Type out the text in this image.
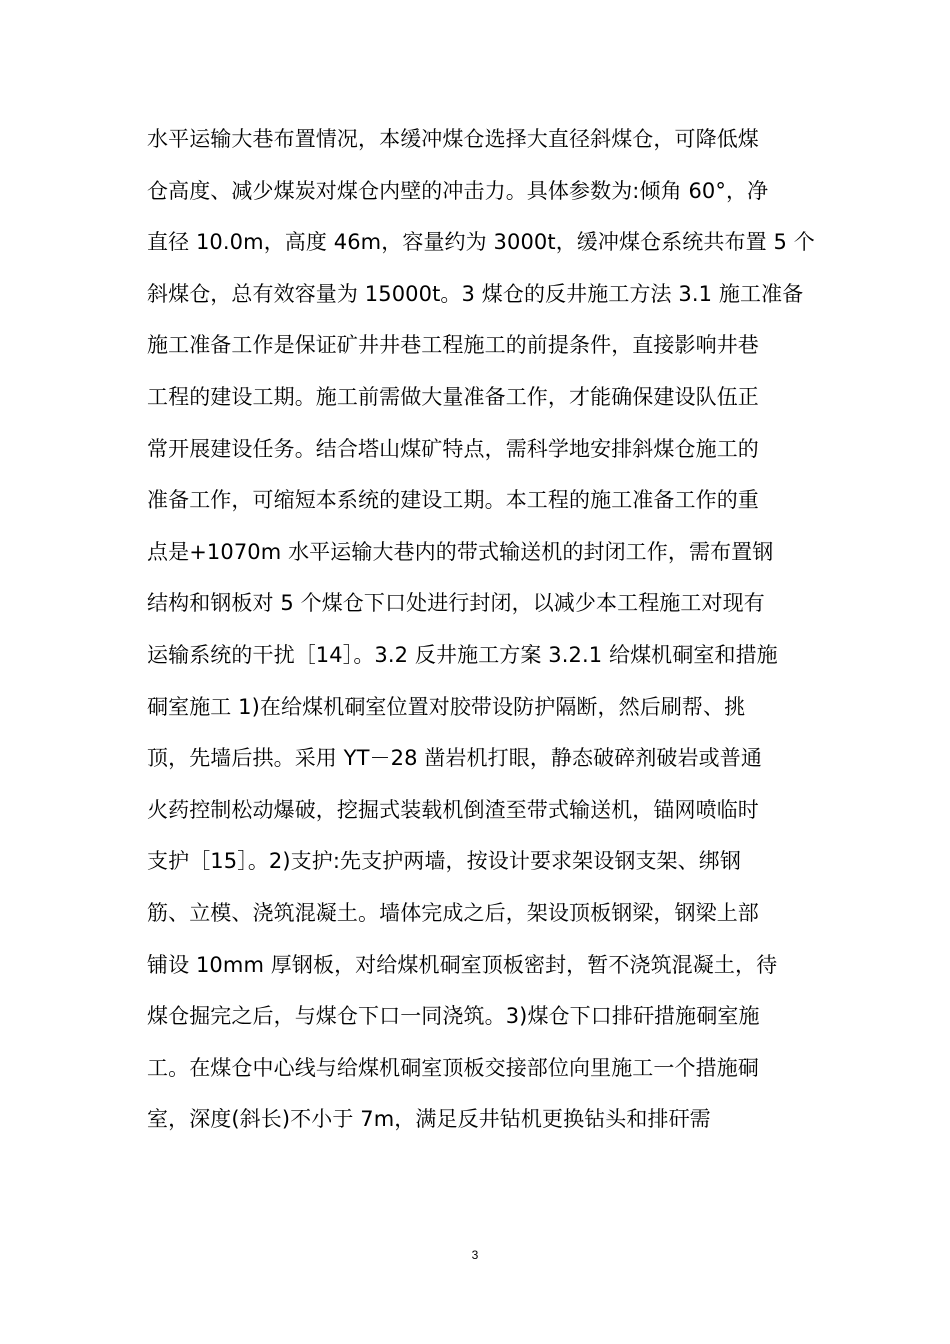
水平运输大巷布置情况，本缓冲煤仓选择大直径斜煤仓，可降低煤
仓高度、减少煤炭对煤仓内壁的冲击力。具体参数为:倾角 60°，净
直径 10.0m，高度 46m，容量约为 3000t，缓冲煤仓系统共布置 5 个
斜煤仓，总有效容量为 15000t。3 煤仓的反井施工方法 3.1 施工准备
施工准备工作是保证矿井井巷工程施工的前提条件，直接影响井巷
工程的建设工期。施工前需做大量准备工作，才能确保建设队伍正
常开展建设任务。结合塔山煤矿特点，需科学地安排斜煤仓施工的
准备工作，可缩短本系统的建设工期。本工程的施工准备工作的重
点是+1070m 水平运输大巷内的带式输送机的封闭工作，需布置钢
结构和钢板对 5 个煤仓下口处进行封闭，以减少本工程施工对现有
运输系统的干扰［14］。3.2 反井施工方案 3.2.1 给煤机硐室和措施
硐室施工 1)在给煤机硐室位置对胶带设防护隔断，然后刷帮、挑
顶，先墙后拱。采用 YT－28 凿岩机打眼，静态破碎剂破岩或普通
火药控制松动爆破，挖掘式装载机倒渣至带式输送机，锚网喷临时
支护［15］。2)支护:先支护两墙，按设计要求架设钢支架、绑钢
筋、立模、浇筑混凝土。墙体完成之后，架设顶板钢梁，钢梁上部
铺设 10mm 厚钢板，对给煤机硐室顶板密封，暂不浇筑混凝土，待
煤仓掘完之后，与煤仓下口一同浇筑。3)煤仓下口排矸措施硐室施
工。在煤仓中心线与给煤机硐室顶板交接部位向里施工一个措施硐
室，深度(斜长)不小于 7m，满足反井钻机更换钻头和排矸需
3
